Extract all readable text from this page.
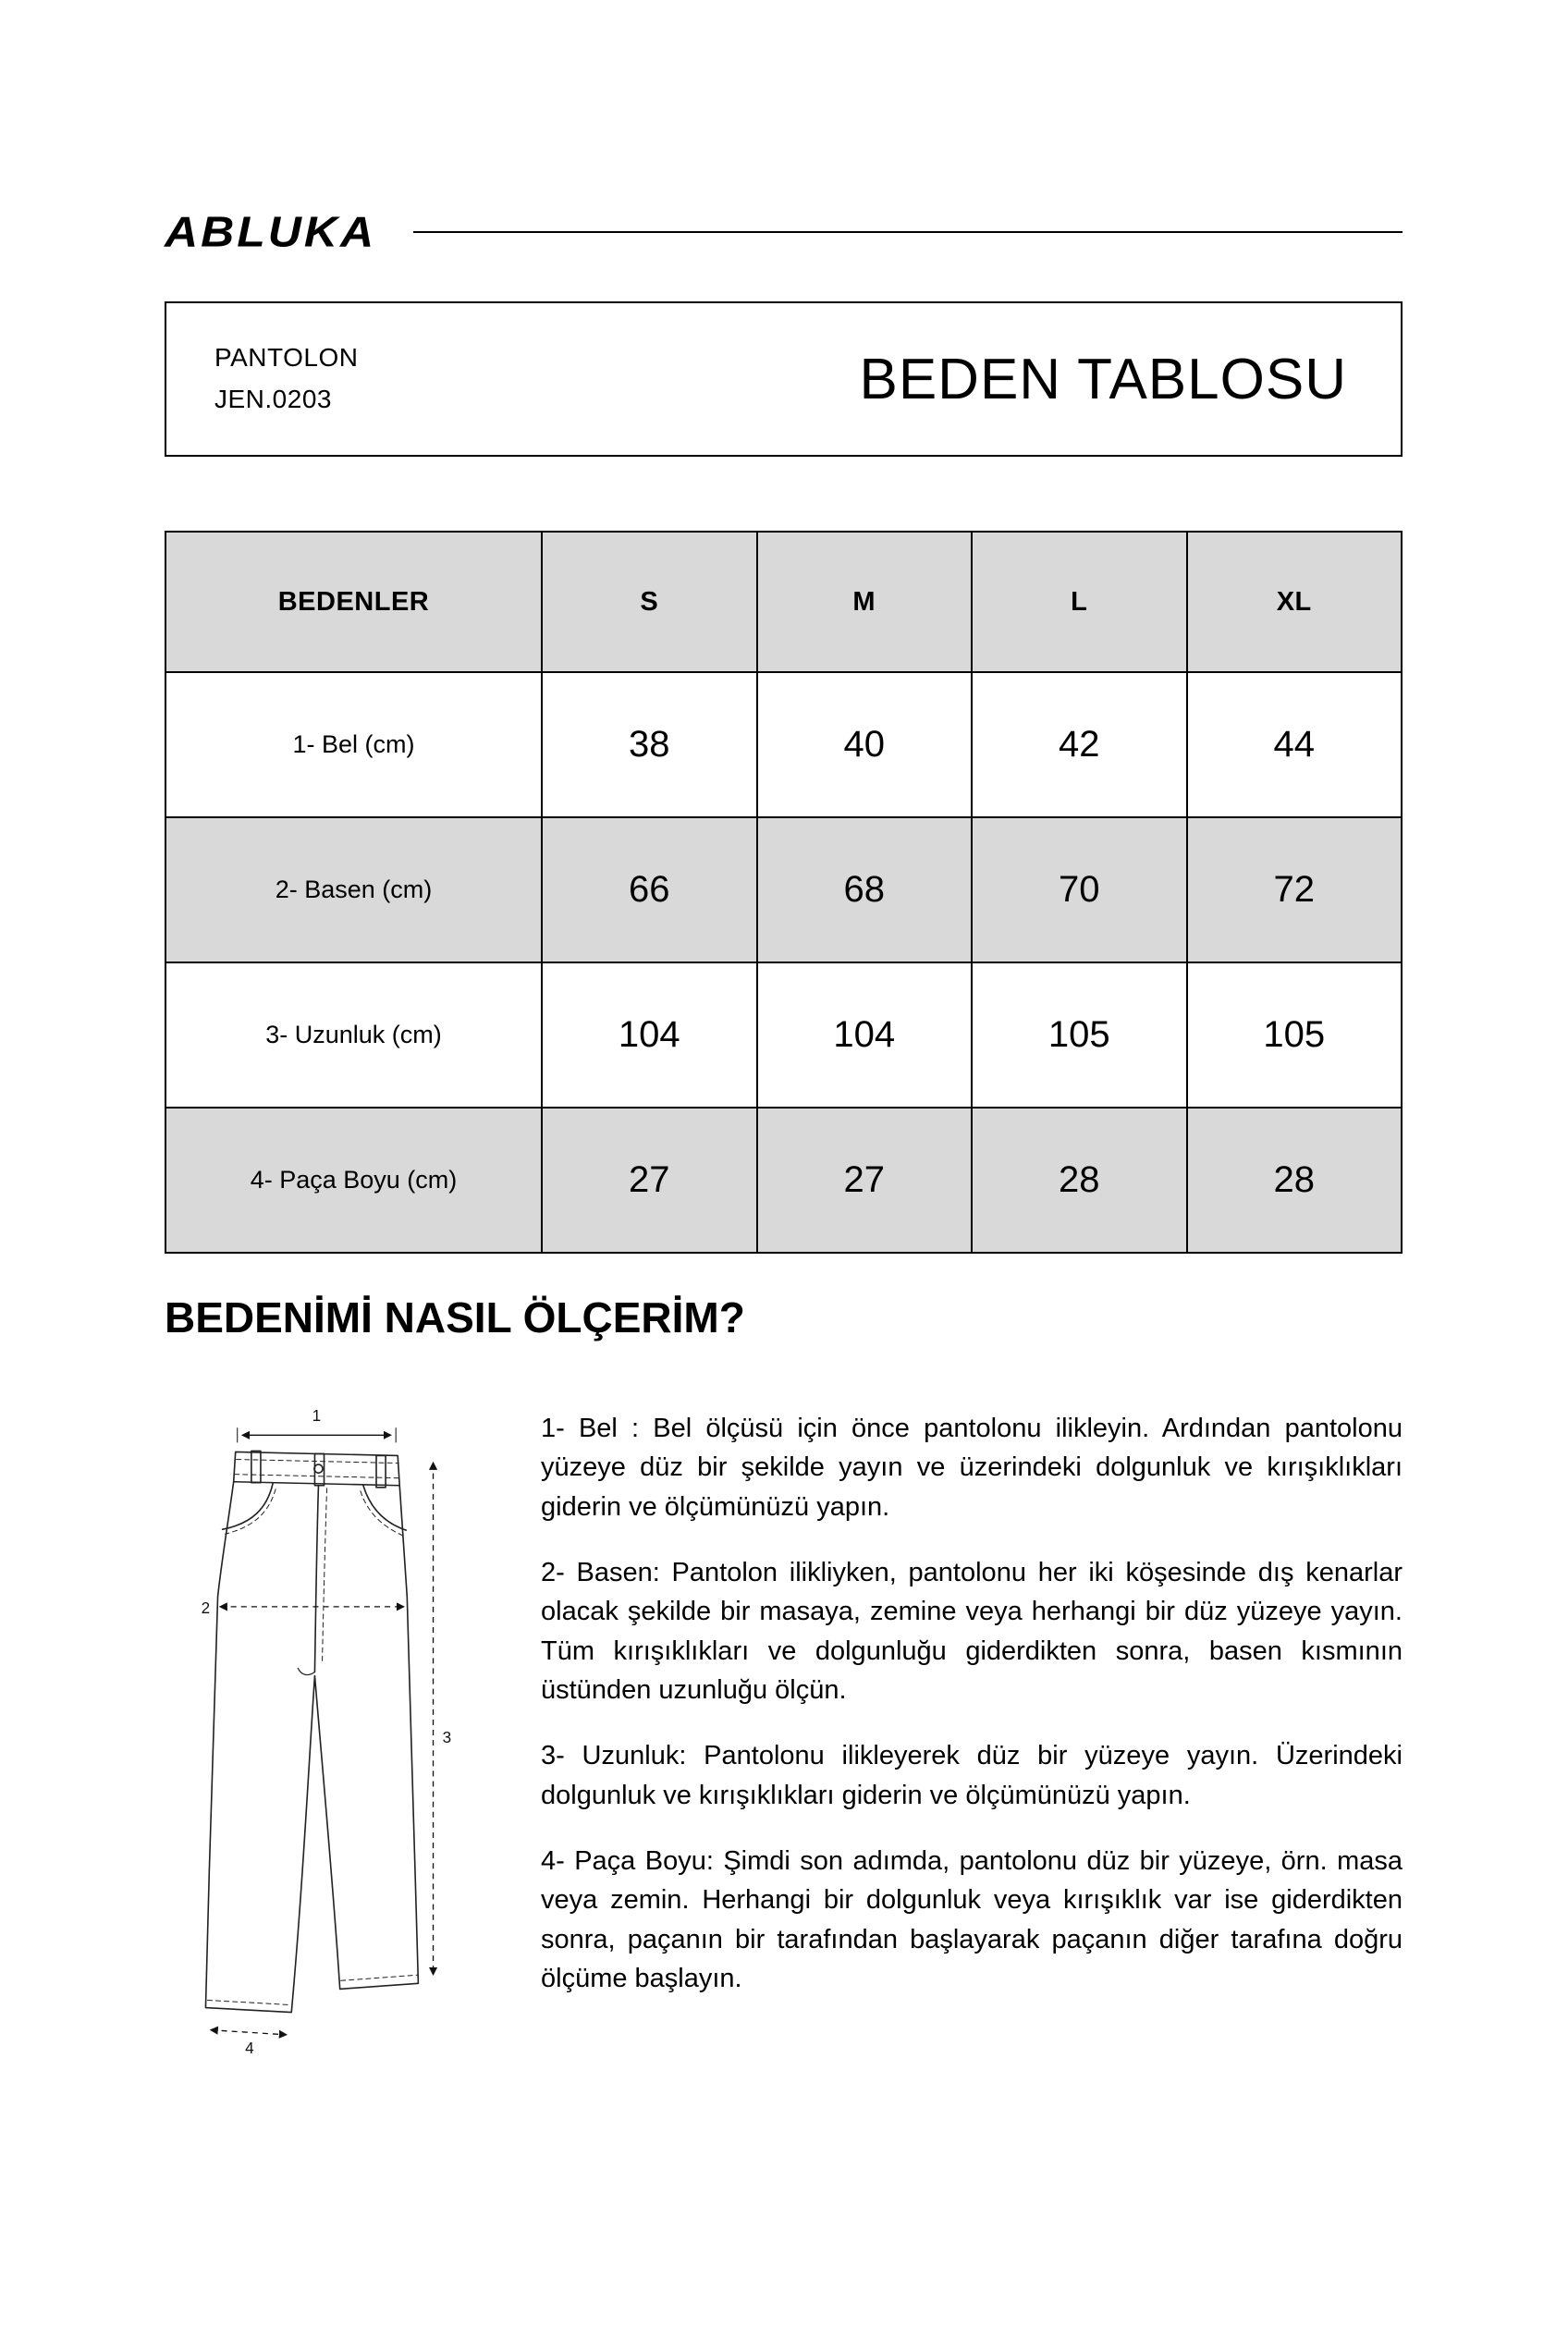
ABLUKA
PANTOLON
JEN.0203	BEDEN TABLOSU
BEDENLER	S	M	L	XL
1- Bel (cm)	38	40	42	44
2- Basen (cm)	66	68	70	72
3- Uzunluk (cm)	104	104	105	105
4- Paça Boyu (cm)	27	27	28	28
BEDENİMİ NASIL ÖLÇERİM?
1
2
3
4

1- Bel : Bel ölçüsü için önce pantolonu ilikleyin. Ardından pantolonu yüzeye düz bir şekilde yayın ve üzerindeki dolgunluk ve kırışıklıkları giderin ve ölçümünüzü yapın.

2- Basen: Pantolon ilikliyken, pantolonu her iki köşesinde dış kenarlar olacak şekilde bir masaya, zemine veya herhangi bir düz yüzeye yayın. Tüm kırışıklıkları ve dolgunluğu giderdikten sonra, basen kısmının üstünden uzunluğu ölçün.

3- Uzunluk: Pantolonu ilikleyerek düz bir yüzeye yayın. Üzerindeki dolgunluk ve kırışıklıkları giderin ve ölçümünüzü yapın.

4- Paça Boyu: Şimdi son adımda, pantolonu düz bir yüzeye, örn. masa veya zemin. Herhangi bir dolgunluk veya kırışıklık var ise giderdikten sonra, paçanın bir tarafından başlayarak paçanın diğer tarafına doğru ölçüme başlayın.
